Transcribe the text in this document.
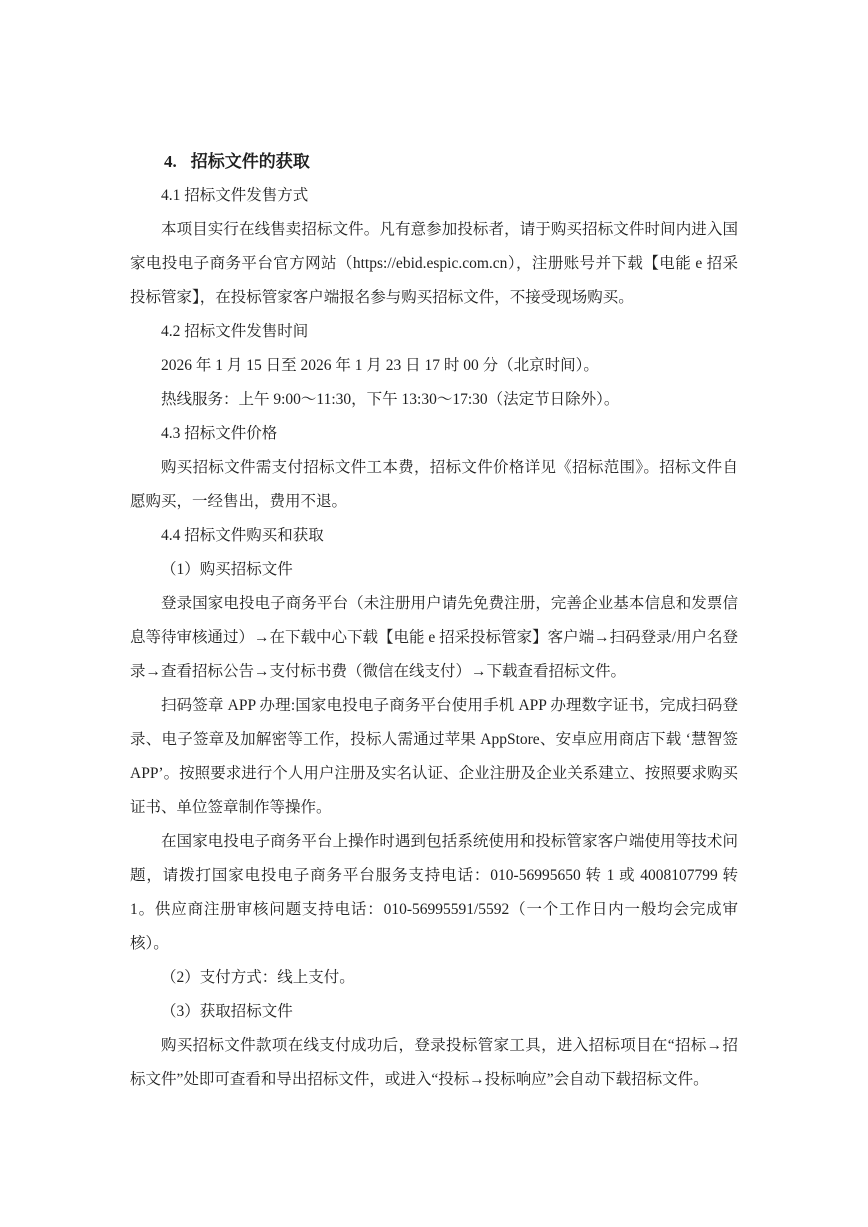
4. 招标文件的获取

4.1 招标文件发售方式

本项目实行在线售卖招标文件。凡有意参加投标者，请于购买招标文件时间内进入国家电投电子商务平台官方网站（https://ebid.espic.com.cn），注册账号并下载【电能 e 招采投标管家】，在投标管家客户端报名参与购买招标文件，不接受现场购买。

4.2 招标文件发售时间

2026 年 1 月 15 日至 2026 年 1 月 23 日 17 时 00 分（北京时间）。

热线服务：上午 9:00～11:30，下午 13:30～17:30（法定节日除外）。

4.3 招标文件价格

购买招标文件需支付招标文件工本费，招标文件价格详见《招标范围》。招标文件自愿购买，一经售出，费用不退。

4.4 招标文件购买和获取

（1）购买招标文件

登录国家电投电子商务平台（未注册用户请先免费注册，完善企业基本信息和发票信息等待审核通过）→在下载中心下载【电能 e 招采投标管家】客户端→扫码登录/用户名登录→查看招标公告→支付标书费（微信在线支付）→下载查看招标文件。

扫码签章 APP 办理:国家电投电子商务平台使用手机 APP 办理数字证书，完成扫码登录、电子签章及加解密等工作，投标人需通过苹果 AppStore、安卓应用商店下载 ‘慧智签 APP’。按照要求进行个人用户注册及实名认证、企业注册及企业关系建立、按照要求购买证书、单位签章制作等操作。

在国家电投电子商务平台上操作时遇到包括系统使用和投标管家客户端使用等技术问题，请拨打国家电投电子商务平台服务支持电话：010-56995650 转 1 或 4008107799 转 1。供应商注册审核问题支持电话：010-56995591/5592（一个工作日内一般均会完成审核）。

（2）支付方式：线上支付。

（3）获取招标文件

购买招标文件款项在线支付成功后，登录投标管家工具，进入招标项目在“招标→招标文件”处即可查看和导出招标文件，或进入“投标→投标响应”会自动下载招标文件。
